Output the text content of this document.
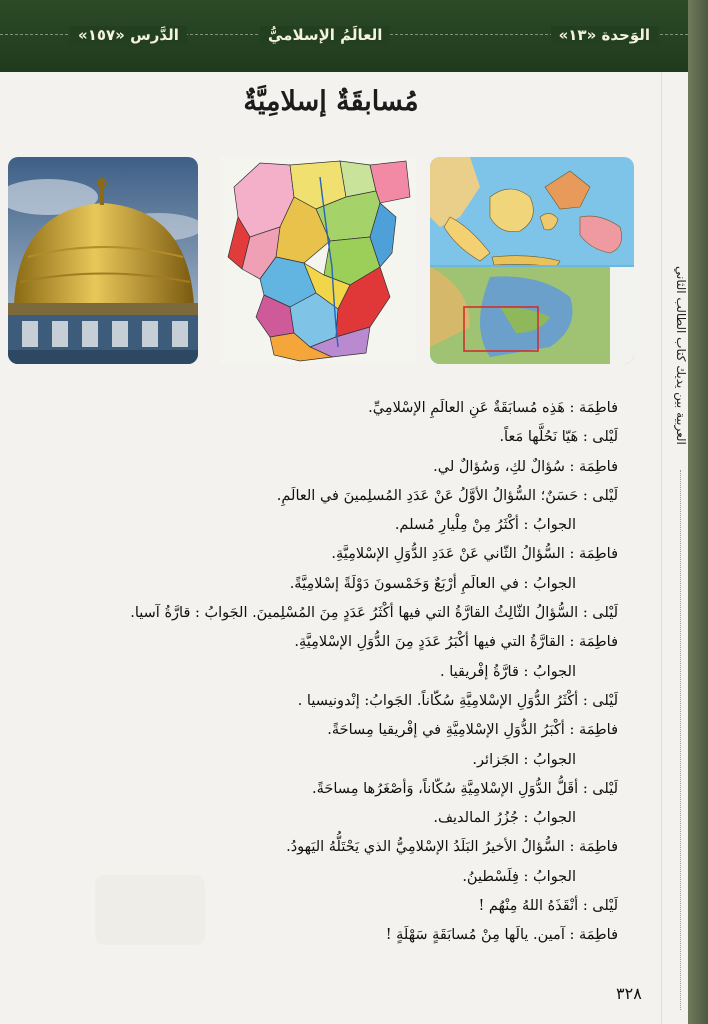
الوَحدة «١٣»
العالَمُ الإسلاميُّ
الدَّرس «١٥٧»
العربية بين يديك كتاب الطالب الثاني
مُسابقَةٌ إسلامِيَّةٌ
فاطِمَة : هَذِه مُسابَقَةٌ عَنِ العالَمِ الإسْلامِيِّ.
لَيْلى : هَيّا نَحُلَّها مَعاً.
فاطِمَة : سُؤالٌ لكِ، وَسُؤالٌ لي.
لَيْلى : حَسَنٌ؛ السُّؤالُ الأوَّلُ عَنْ عَدَدِ المُسلِمينَ في العالَمِ.
الجوابُ : أكْثَرُ مِنْ مِلْيارِ مُسلم.
فاطِمَة : السُّؤالُ الثّاني عَنْ عَدَدِ الدُّوَلِ الإسْلامِيَّةِ.
الجوابُ : في العالَمِ أرْبَعٌ وَخَمْسونَ دَوْلَةً إسْلامِيَّةً.
لَيْلى : السُّؤالُ الثّالِثُ القارَّةُ التي فيها أكْثَرُ عَدَدٍ مِنَ المُسْلِمينَ. الجَوابُ : قارَّةُ آسيا.
فاطِمَة : القارَّةُ التي فيها أكْبَرُ عَدَدٍ مِنَ الدُّوَلِ الإسْلامِيَّةِ.
الجوابُ : قارَّةُ إفْريقيا .
لَيْلى : أكْثَرُ الدُّوَلِ الإسْلامِيَّةِ سُكّاناً. الجَوابُ: إنْدونيسيا .
فاطِمَة : أكْبَرُ الدُّوَلِ الإسْلامِيَّةِ في إفْريقيا مِساحَةً.
الجوابُ : الجَزائر.
لَيْلى : أقَلُّ الدُّوَلِ الإسْلامِيَّةِ سُكّاناً، وَأصْغَرُها مِساحَةً.
الجوابُ : جُزُرُ المالديف.
فاطِمَة : السُّؤالُ الأخيرُ البَلَدُ الإسْلامِيُّ الذي يَحْتَلُّهُ اليَهودُ.
الجوابُ : فِلَسْطينُ.
لَيْلى : أنْقَذَهُ اللهُ مِنْهُم !
فاطِمَة : آمين. يالَها مِنْ مُسابَقَةٍ سَهْلَةٍ !
٣٢٨
